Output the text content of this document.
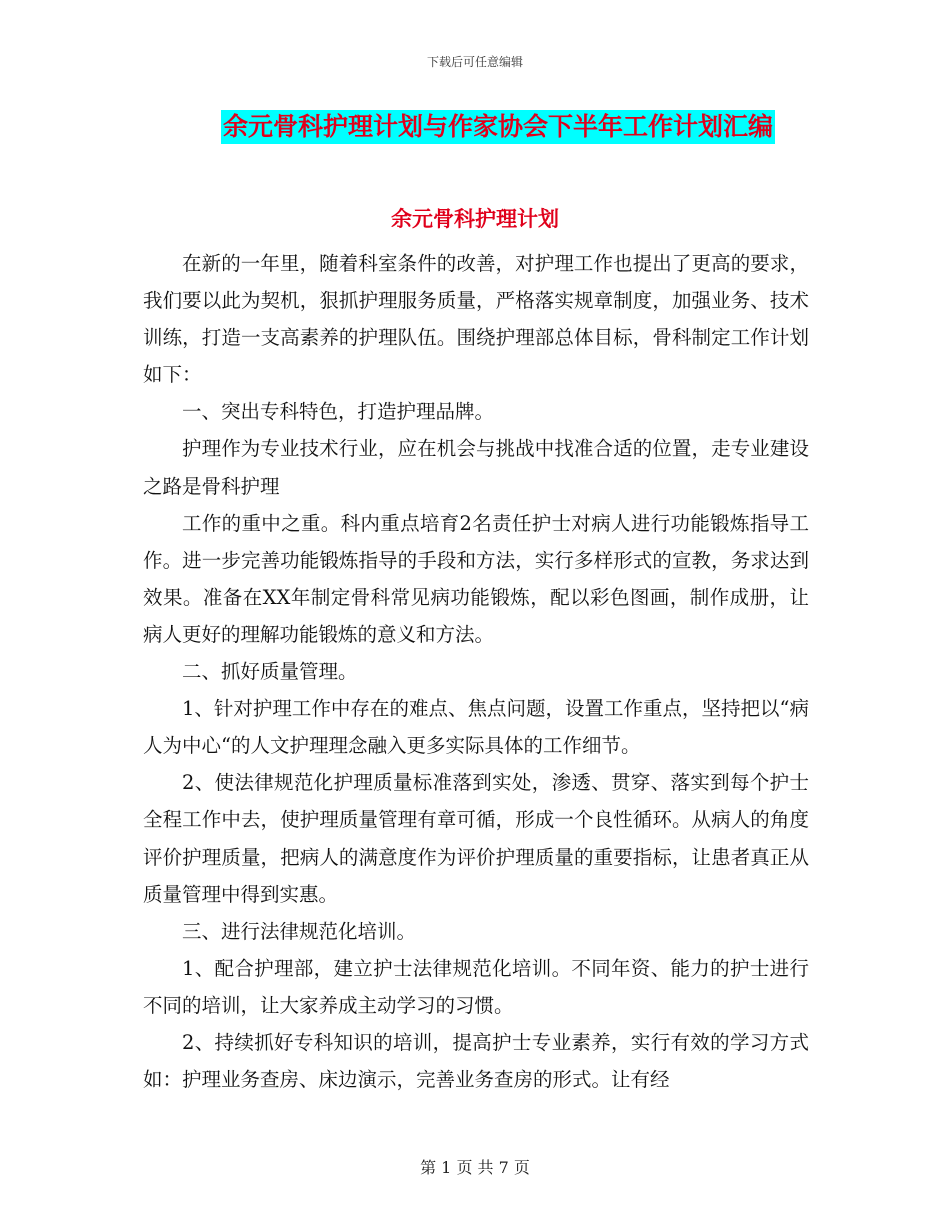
下载后可任意编辑
余元骨科护理计划与作家协会下半年工作计划汇编
余元骨科护理计划

在新的一年里，随着科室条件的改善，对护理工作也提出了更高的要求，我们要以此为契机，狠抓护理服务质量，严格落实规章制度，加强业务、技术训练，打造一支高素养的护理队伍。围绕护理部总体目标，骨科制定工作计划如下：

一、突出专科特色，打造护理品牌。

护理作为专业技术行业，应在机会与挑战中找准合适的位置，走专业建设之路是骨科护理

工作的重中之重。科内重点培育2名责任护士对病人进行功能锻炼指导工作。进一步完善功能锻炼指导的手段和方法，实行多样形式的宣教，务求达到效果。准备在XX年制定骨科常见病功能锻炼，配以彩色图画，制作成册，让病人更好的理解功能锻炼的意义和方法。

二、抓好质量管理。

1、针对护理工作中存在的难点、焦点问题，设置工作重点，坚持把以“病人为中心“的人文护理理念融入更多实际具体的工作细节。

2、使法律规范化护理质量标准落到实处，渗透、贯穿、落实到每个护士全程工作中去，使护理质量管理有章可循，形成一个良性循环。从病人的角度评价护理质量，把病人的满意度作为评价护理质量的重要指标，让患者真正从质量管理中得到实惠。

三、进行法律规范化培训。

1、配合护理部，建立护士法律规范化培训。不同年资、能力的护士进行不同的培训，让大家养成主动学习的习惯。

2、持续抓好专科知识的培训，提高护士专业素养，实行有效的学习方式如：护理业务查房、床边演示，完善业务查房的形式。让有经

第 1 页 共 7 页
